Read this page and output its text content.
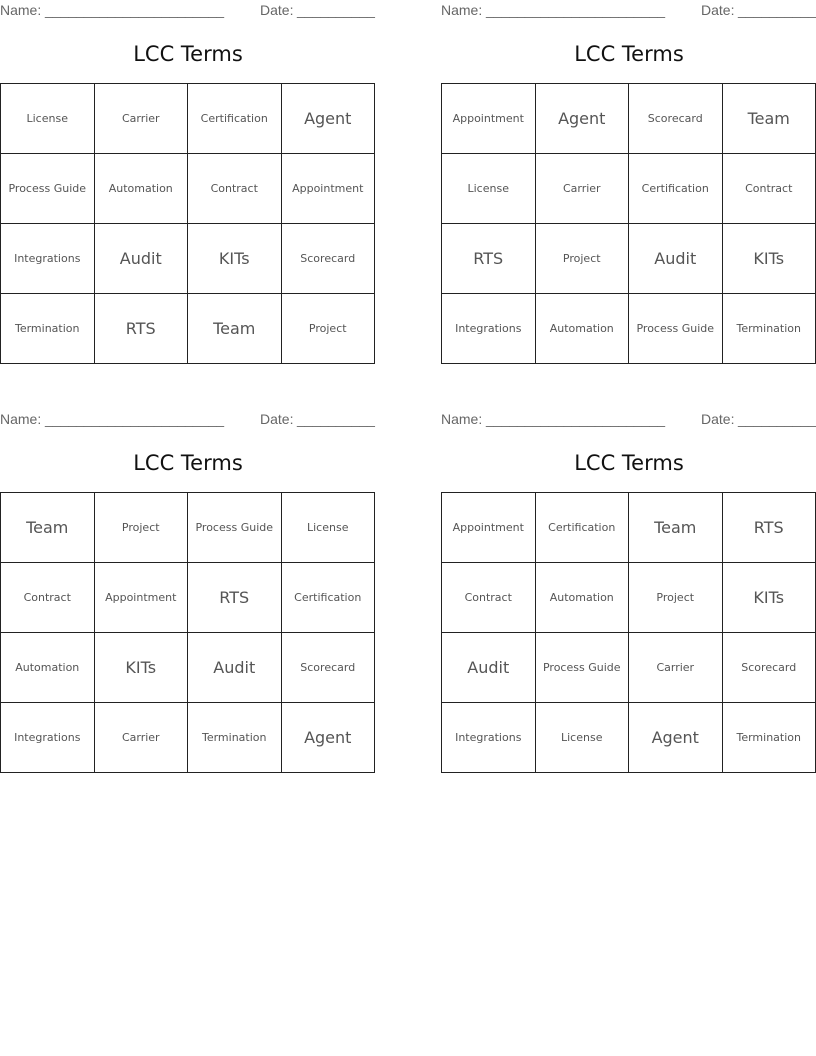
Name: _______________________	Date: __________
LCC Terms
License	Carrier	Certification	Agent
Process Guide	Automation	Contract	Appointment
Integrations	Audit	KITs	Scorecard
Termination	RTS	Team	Project
Name: _______________________	Date: __________
LCC Terms
Appointment	Agent	Scorecard	Team
License	Carrier	Certification	Contract
RTS	Project	Audit	KITs
Integrations	Automation	Process Guide	Termination
Name: _______________________	Date: __________
LCC Terms
Team	Project	Process Guide	License
Contract	Appointment	RTS	Certification
Automation	KITs	Audit	Scorecard
Integrations	Carrier	Termination	Agent
Name: _______________________	Date: __________
LCC Terms
Appointment	Certification	Team	RTS
Contract	Automation	Project	KITs
Audit	Process Guide	Carrier	Scorecard
Integrations	License	Agent	Termination
